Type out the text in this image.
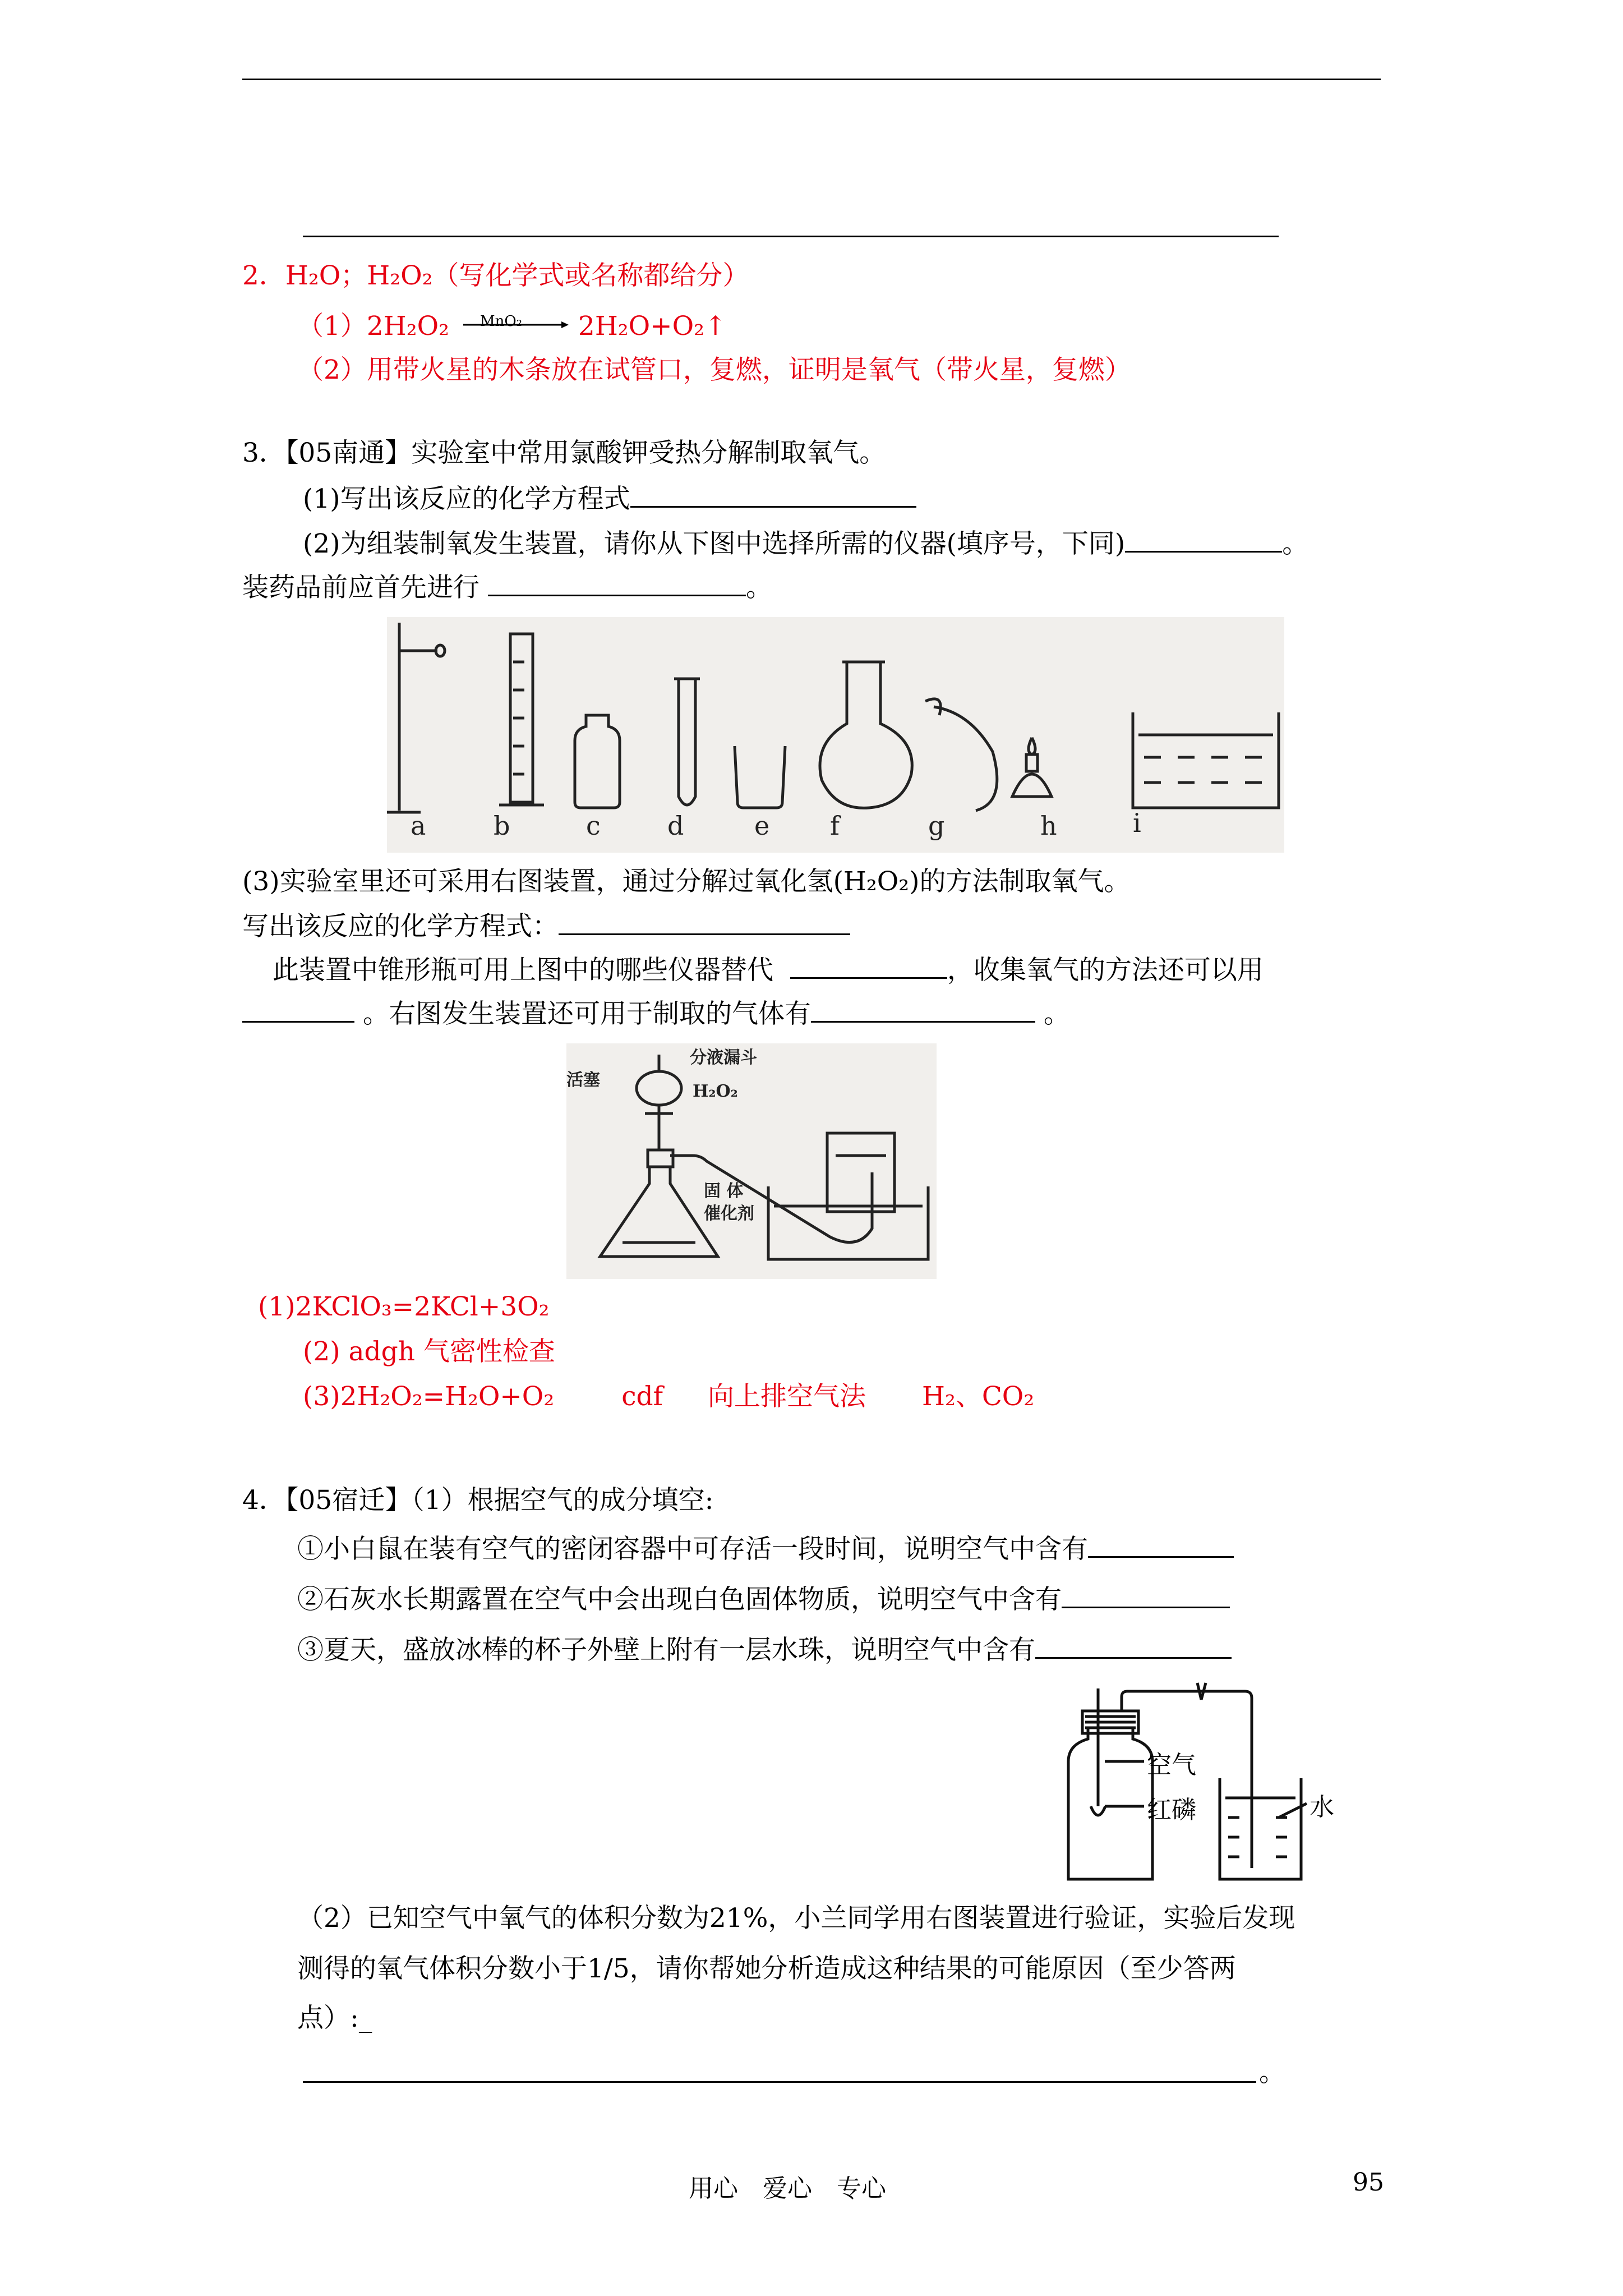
2．H₂O；H₂O₂（写化学式或名称都给分）
（1）2H₂O₂ MnO₂ 2H₂O+O₂↑
（2）用带火星的木条放在试管口，复燃，证明是氧气（带火星，复燃）
3．【05南通】实验室中常用氯酸钾受热分解制取氧气。
(1)写出该反应的化学方程式
(2)为组装制氧发生装置，请你从下图中选择所需的仪器(填序号，下同)	。
装药品前应首先进行	。
a	b	c	d	e f	g	h	i
(3)实验室里还可采用右图装置，通过分解过氧化氢(H₂O₂)的方法制取氧气。
写出该反应的化学方程式：
此装置中锥形瓶可用上图中的哪些仪器替代	，收集氧气的方法还可以用
。右图发生装置还可用于制取的气体有	。
分液漏斗
活塞
H₂O₂
固 体
催化剂
(1)2KClO₃=2KCl+3O₂
(2) adgh 气密性检查
(3)2H₂O₂=H₂O+O₂	cdf 向上排空气法 H₂、CO₂
4．【05宿迁】（1）根据空气的成分填空:
①小白鼠在装有空气的密闭容器中可存活一段时间，说明空气中含有
②石灰水长期露置在空气中会出现白色固体物质，说明空气中含有
③夏天，盛放冰棒的杯子外壁上附有一层水珠，说明空气中含有
空气
红磷	水
（2）已知空气中氧气的体积分数为21%，小兰同学用右图装置进行验证，实验后发现
测得的氧气体积分数小于1/5，请你帮她分析造成这种结果的可能原因（至少答两
点）:_
。
用心　爱心　专心	95
